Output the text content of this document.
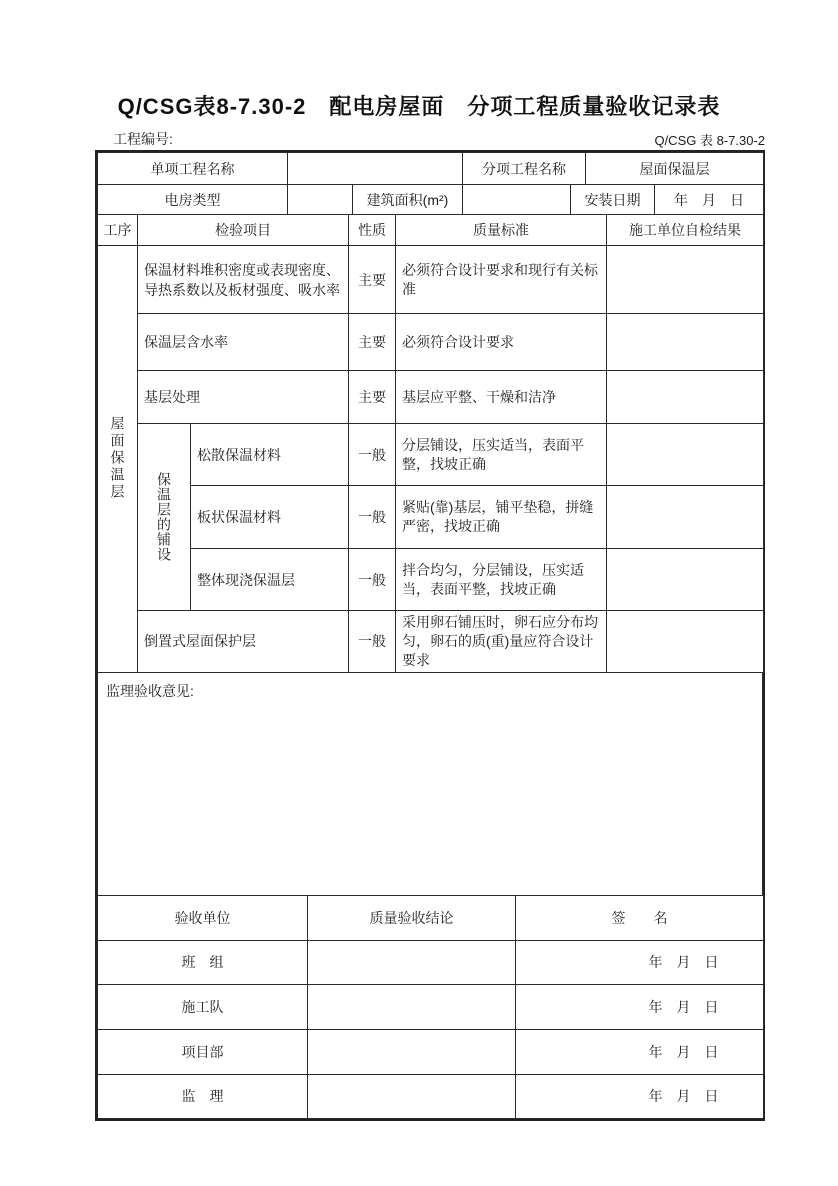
Q/CSG表8-7.30-2　配电房屋面　分项工程质量验收记录表
工程编号:	Q/CSG 表 8-7.30-2
单项工程名称			分项工程名称		屋面保温层	
电房类型		建筑面积(m²)		安装日期		年　月　日
工序	检验项目		性质	质量标准	施工单位自检结果
屋面保温层	保温材料堆积密度或表现密度、导热系数以及板材强度、吸水率		主要	必须符合设计要求和现行有关标准	
	保温层含水率		主要	必须符合设计要求	
	基层处理		主要	基层应平整、干燥和洁净	
	保温层的铺设	松散保温材料	一般	分层铺设，压实适当，表面平整，找坡正确	
		板状保温材料	一般	紧贴(靠)基层，铺平垫稳，拼缝严密，找坡正确	
		整体现浇保温层	一般	拌合均匀，分层铺设，压实适当，表面平整，找坡正确	
	倒置式屋面保护层		一般	采用卵石铺压时，卵石应分布均匀，卵石的质(重)量应符合设计要求	
监理验收意见:
验收单位	质量验收结论	签　　名
班　组		年　月　日
施工队		年　月　日
项目部		年　月　日
监　理		年　月　日
